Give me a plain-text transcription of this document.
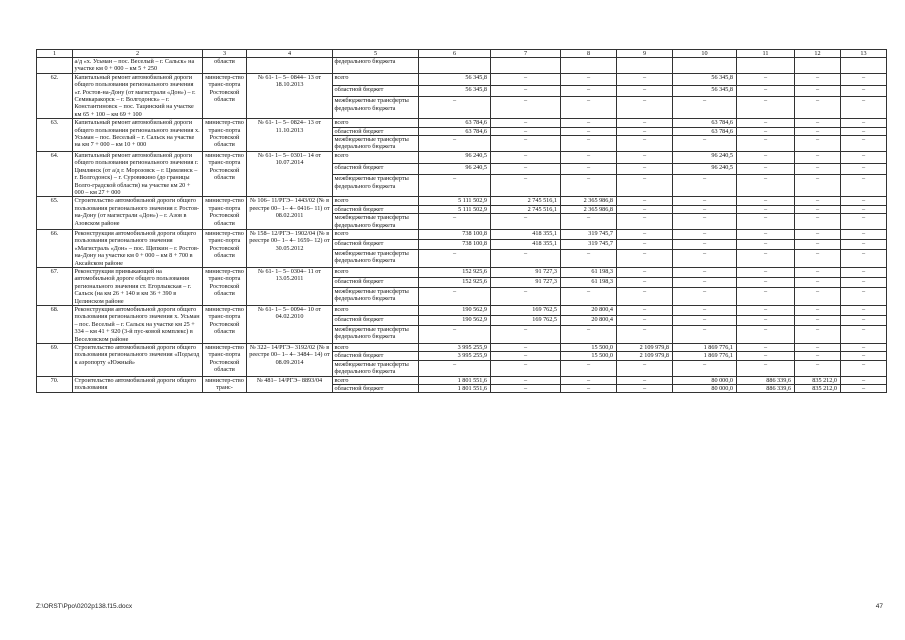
1	2	3	4	5	6	7	8	9	10	11	12	13
	а/д «х. Усьман – пос. Веселый – г. Сальск» на участке км 0 + 000 – км 5 + 250	области		федерального бюджета								
62.	Капитальный ремонт автомобильной дороги общего пользования регионального значения «г. Ростов-на-Дону (от магистрали «Дон») – г. Семикаракорск – г. Волгодонск» – г. Константиновск – пос. Тацинский на участке км 65 + 100 – км 69 + 100	министер-ство транс-порта Ростовской области	№ 61- 1– 5– 0844– 13 от 18.10.2013	всего	56 345,8	–	–	–	56 345,8	–	–	–
				областной бюджет	56 345,8	–	–	–	56 345,8	–	–	–
				межбюджетные трансферты федерального бюджета	–	–	–	–	–	–	–	–
63.	Капитальный ремонт автомобильной дороги общего пользования регионального значения х. Усьман – пос. Веселый – г. Сальск на участке на км 7 + 000 – км 10 + 000	министер-ство транс-порта Ростовской области	№ 61- 1– 5– 0824– 13 от 11.10.2013	всего	63 784,6	–	–	–	63 784,6	–	–	–
				областной бюджет	63 784,6	–	–	–	63 784,6	–	–	–
				межбюджетные трансферты федерального бюджета	–	–	–	–	–	–	–	–
64.	Капитальный ремонт автомобильной дороги общего пользования регионального значения г. Цимлянск (от а/д г. Морозовск – г. Цимлянск – г. Волгодонск) – г. Суровикино (до границы Волго-градской области) на участке км 20 + 000 – км 27 + 000	министер-ство транс-порта Ростовской области	№ 61- 1– 5– 0301– 14 от 10.07.2014	всего	96 240,5	–	–	–	96 240,5	–	–	–
				областной бюджет	96 240,5	–	–	–	96 240,5	–	–	–
				межбюджетные трансферты федерального бюджета	–	–	–	–	–	–	–	–
65.	Строительство автомобильной дороги общего пользования регионального значения г. Ростов-на-Дону (от магистрали «Дон») – г. Азов в Азовском районе	министер-ство транс-порта Ростовской области	№ 106– 11/РГЭ– 1443/02 (№ в реестре 00– 1– 4– 0416– 11) от 08.02.2011	всего	5 111 502,9	2 745 516,1	2 365 986,8	–	–	–	–	–
				областной бюджет	5 111 502,9	2 745 516,1	2 365 986,8	–	–	–	–	–
				межбюджетные трансферты федерального бюджета	–	–	–	–	–	–	–	–
66.	Реконструкция автомобильной дороги общего пользования регионального значения «Магистраль «Дон» – пос. Щепкин – г. Ростов-на-Дону на участке км 0 + 000 – км 8 + 700 в Аксайском районе	министер-ство транс-порта Ростовской области	№ 158– 12/РГЭ– 1902/04 (№ в реестре 00– 1– 4– 1659– 12) от 30.05.2012	всего	738 100,8	418 355,1	319 745,7	–	–	–	–	–
				областной бюджет	738 100,8	418 355,1	319 745,7	–	–	–	–	–
				межбюджетные трансферты федерального бюджета	–	–	–	–	–	–	–	–
67.	Реконструкция примыкающей на автомобильной дороге общего пользования регионального значения ст. Егорлыкская – г. Сальск (на км 26 + 140 и км 36 + 390 в Целинском районе	министер-ство транс-порта Ростовской области	№ 61- 1– 5– 0304– 11 от 13.05.2011	всего	152 925,6	91 727,3	61 198,3	–	–	–	–	–
				областной бюджет	152 925,6	91 727,3	61 198,3	–	–	–	–	–
				межбюджетные трансферты федерального бюджета	–	–	–	–	–	–	–	–
68.	Реконструкция автомобильной дороги общего пользования регионального значения х. Усьман – пос. Веселый – г. Сальск на участке км 25 + 334 – км 41 + 920 (3-й пус-ковой комплекс) в Веселовском районе	министер-ство транс-порта Ростовской области	№ 61- 1– 5– 0094– 10 от 04.02.2010	всего	190 562,9	169 762,5	20 800,4	–	–	–	–	–
				областной бюджет	190 562,9	169 762,5	20 800,4	–	–	–	–	–
				межбюджетные трансферты федерального бюджета	–	–	–	–	–	–	–	–
69.	Строительство автомобильной дороги общего пользования регионального значения «Подъезд к аэропорту «Южный»	министер-ство транс-порта Ростовской области	№ 322– 14/РГЭ– 3192/02 (№ в реестре 00– 1– 4– 3484– 14) от 08.09.2014	всего	3 995 255,9	–	15 500,0	2 109 979,8	1 869 776,1	–	–	–
				областной бюджет	3 995 255,9	–	15 500,0	2 109 979,8	1 869 776,1	–	–	–
				межбюджетные трансферты федерального бюджета	–	–	–	–	–	–	–	–
70.	Строительство автомобильной дороги общего пользования	министер-ство транс-	№ 481– 14/РГЭ– 8893/04	всего	1 801 551,6	–	–	–	80 000,0	886 339,6	835 212,0	–
				областной бюджет	1 801 551,6	–	–	–	80 000,0	886 339,6	835 212,0	–
Z:\ORST\Ppo\0202p138.f15.docx	47
